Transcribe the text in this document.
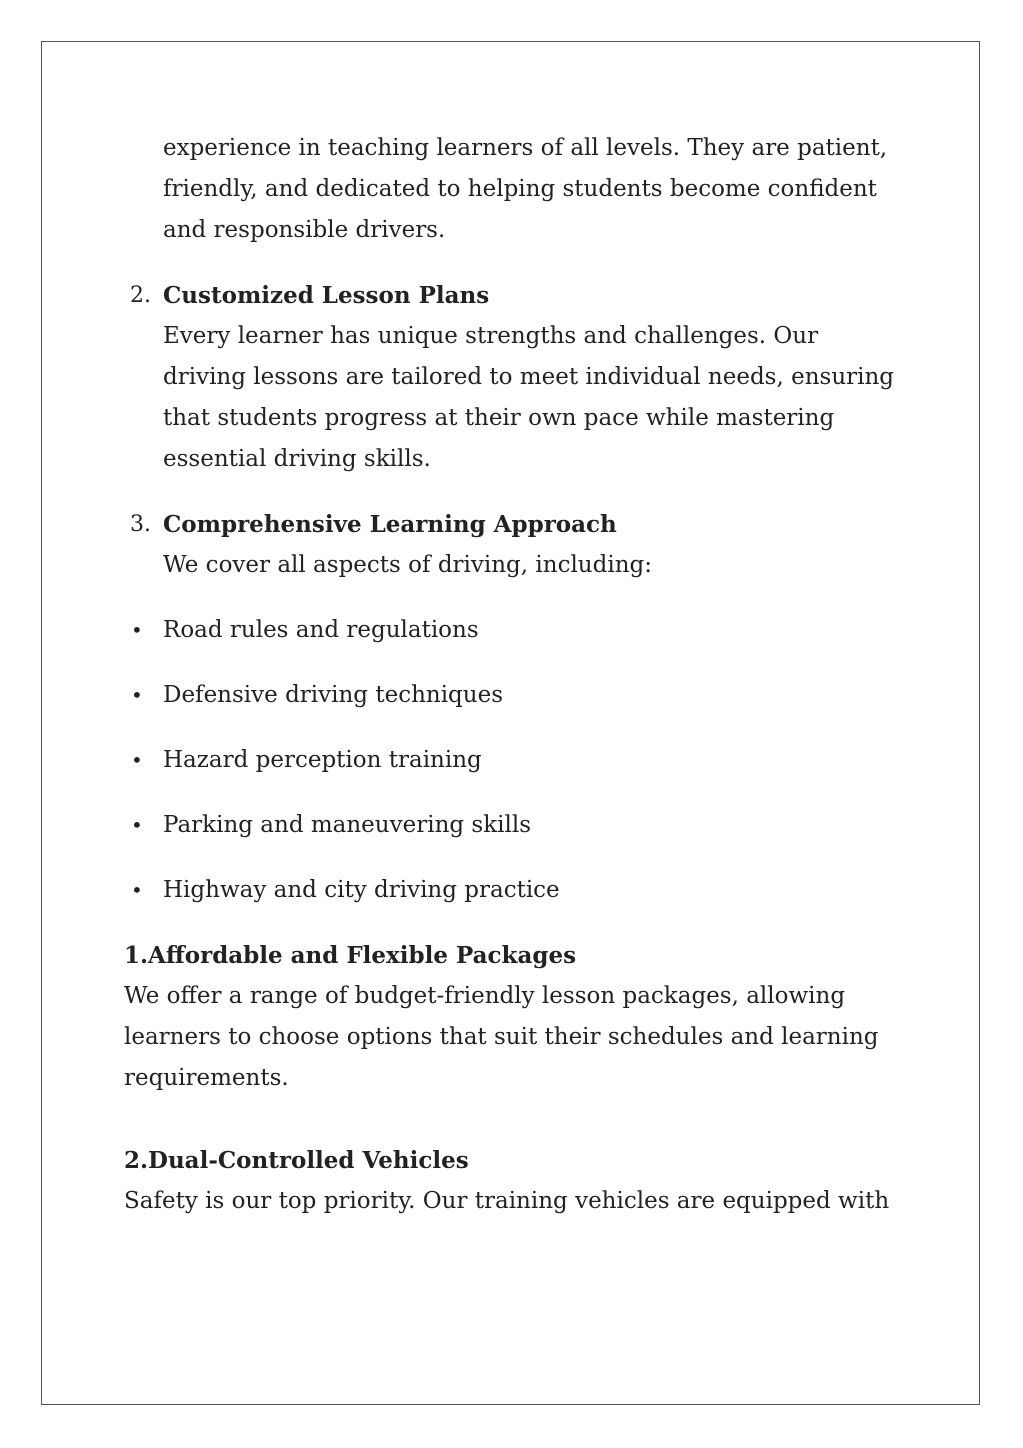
experience in teaching learners of all levels. They are patient, friendly, and dedicated to helping students become confident and responsible drivers.

2. Customized Lesson Plans
Every learner has unique strengths and challenges. Our driving lessons are tailored to meet individual needs, ensuring that students progress at their own pace while mastering essential driving skills.
3. Comprehensive Learning Approach
We cover all aspects of driving, including:
• Road rules and regulations
• Defensive driving techniques
• Hazard perception training
• Parking and maneuvering skills
• Highway and city driving practice
1.Affordable and Flexible Packages
We offer a range of budget-friendly lesson packages, allowing learners to choose options that suit their schedules and learning requirements.
2.Dual-Controlled Vehicles
Safety is our top priority. Our training vehicles are equipped with
